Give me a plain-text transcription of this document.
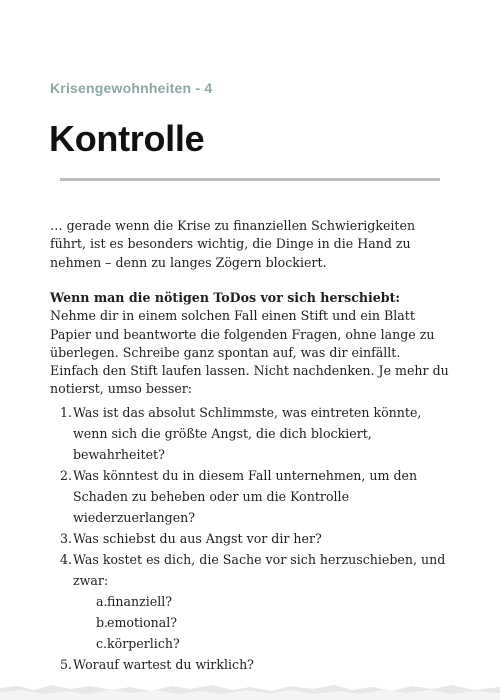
Krisengewohnheiten - 4
Kontrolle

… gerade wenn die Krise zu finanziellen Schwierigkeiten führt, ist es besonders wichtig, die Dinge in die Hand zu nehmen – denn zu langes Zögern blockiert.

Wenn man die nötigen ToDos vor sich herschiebt:
Nehme dir in einem solchen Fall einen Stift und ein Blatt Papier und beantworte die folgenden Fragen, ohne lange zu überlegen. Schreibe ganz spontan auf, was dir einfällt. Einfach den Stift laufen lassen. Nicht nachdenken. Je mehr du notierst, umso besser:
1. Was ist das absolut Schlimmste, was eintreten könnte, wenn sich die größte Angst, die dich blockiert, bewahrheitet?
2. Was könntest du in diesem Fall unternehmen, um den Schaden zu beheben oder um die Kontrolle wiederzuerlangen?
3. Was schiebst du aus Angst vor dir her?
4. Was kostet es dich, die Sache vor sich herzuschieben, und zwar:
a. finanziell?
b.
emotional?
c. körperlich?
5. Worauf wartest du wirklich?
